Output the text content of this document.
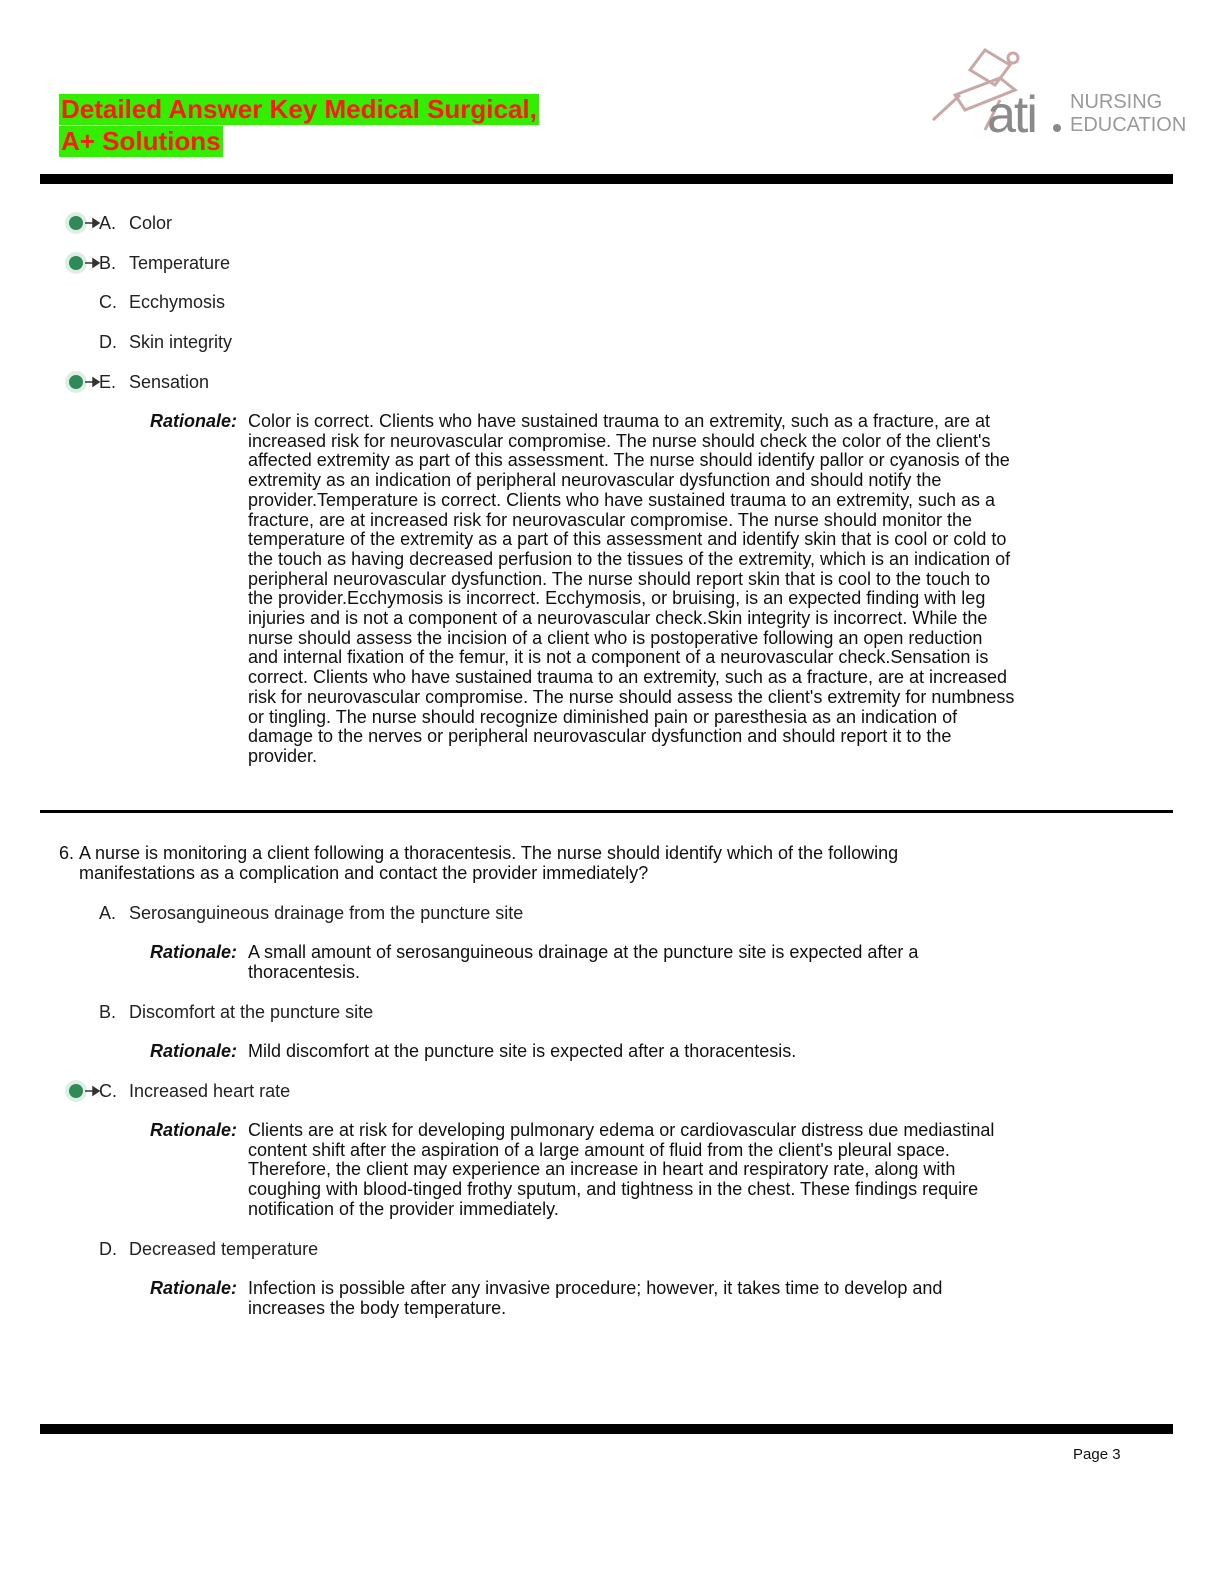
Detailed Answer Key Medical Surgical,
A+ Solutions	ati NURSING
EDUCATION
A. Color
B. Temperature
C. Ecchymosis
D. Skin integrity
E. Sensation
Rationale: Color is correct. Clients who have sustained trauma to an extremity, such as a fracture, are at
increased risk for neurovascular compromise. The nurse should check the color of the client's
affected extremity as part of this assessment. The nurse should identify pallor or cyanosis of the
extremity as an indication of peripheral neurovascular dysfunction and should notify the
provider.Temperature is correct. Clients who have sustained trauma to an extremity, such as a
fracture, are at increased risk for neurovascular compromise. The nurse should monitor the
temperature of the extremity as a part of this assessment and identify skin that is cool or cold to
the touch as having decreased perfusion to the tissues of the extremity, which is an indication of
peripheral neurovascular dysfunction. The nurse should report skin that is cool to the touch to
the provider.Ecchymosis is incorrect. Ecchymosis, or bruising, is an expected finding with leg
injuries and is not a component of a neurovascular check.Skin integrity is incorrect. While the
nurse should assess the incision of a client who is postoperative following an open reduction
and internal fixation of the femur, it is not a component of a neurovascular check.Sensation is
correct. Clients who have sustained trauma to an extremity, such as a fracture, are at increased
risk for neurovascular compromise. The nurse should assess the client's extremity for numbness
or tingling. The nurse should recognize diminished pain or paresthesia as an indication of
damage to the nerves or peripheral neurovascular dysfunction and should report it to the
provider.
6. A nurse is monitoring a client following a thoracentesis. The nurse should identify which of the following
manifestations as a complication and contact the provider immediately?
A. Serosanguineous drainage from the puncture site
Rationale: A small amount of serosanguineous drainage at the puncture site is expected after a
thoracentesis.
B. Discomfort at the puncture site
Rationale: Mild discomfort at the puncture site is expected after a thoracentesis.
C. Increased heart rate
Rationale: Clients are at risk for developing pulmonary edema or cardiovascular distress due mediastinal
content shift after the aspiration of a large amount of fluid from the client's pleural space.
Therefore, the client may experience an increase in heart and respiratory rate, along with
coughing with blood-tinged frothy sputum, and tightness in the chest. These findings require
notification of the provider immediately.
D. Decreased temperature
Rationale: Infection is possible after any invasive procedure; however, it takes time to develop and
increases the body temperature.
Page 3
